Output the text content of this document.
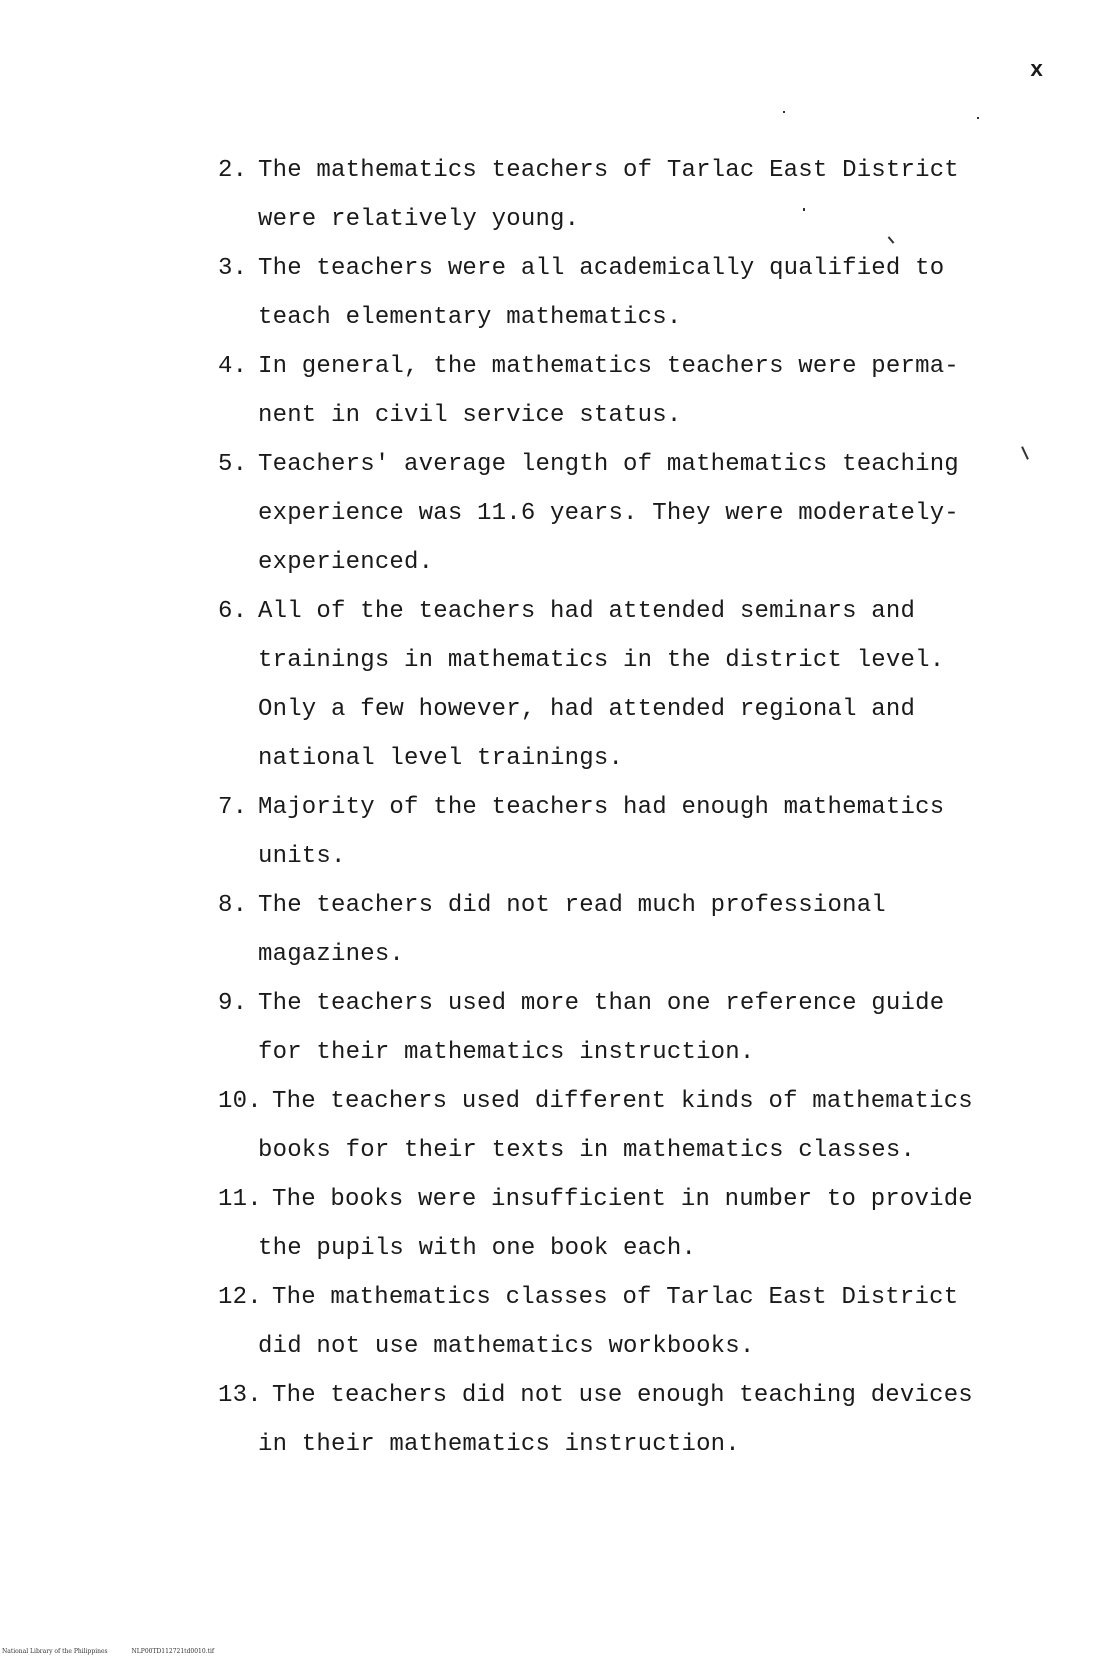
x
2. The mathematics teachers of Tarlac East District
were relatively young.
3. The teachers were all academically qualified to
teach elementary mathematics.
4. In general, the mathematics teachers were perma-
nent in civil service status.
5. Teachers' average length of mathematics teaching
experience was 11.6 years. They were moderately-
experienced.
6. All of the teachers had attended seminars and
trainings in mathematics in the district level.
Only a few however, had attended regional and
national level trainings.
7. Majority of the teachers had enough mathematics
units.
8. The teachers did not read much professional
magazines.
9. The teachers used more than one reference guide
for their mathematics instruction.
10. The teachers used different kinds of mathematics
books for their texts in mathematics classes.
11. The books were insufficient in number to provide
the pupils with one book each.
12. The mathematics classes of Tarlac East District
did not use mathematics workbooks.
13. The teachers did not use enough teaching devices
in their mathematics instruction.
National Library of the Philippines	NLP00TD112721td0010.tif
